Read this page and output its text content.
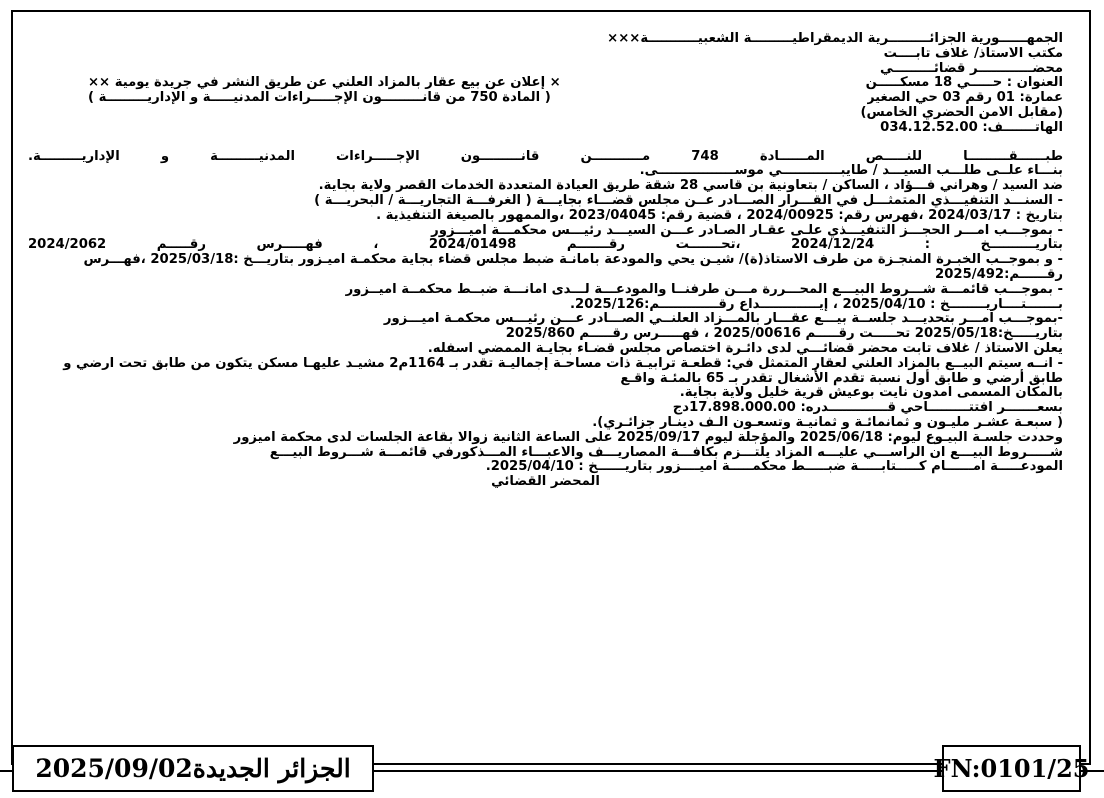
الجمهــــــورية الجزائـــــــــرية الديمقراطيـــــــــة الشعبيـــــــــــة×××
مكتب الأستاذ/ غلاف تابــــت
محضــــــــــــر قضائـــــــــي
العنوان : حـــــي 18 مسكـــــن
× إعلان عن بيع عقار بالمزاد العلني عن طريق النشر في جريدة يومية ××
عمارة: 01 رقم 03 حي الصغير
( المادة 750 من قانـــــــــون الإجـــــراءات المدنيـــــة و الإداريـــــــــة )
(مقابل الأمن الحضري الخامس)
الهاتـــــــف: 034.12.52.00
طبــــــقـــــــــا للنـــــص المــــــادة 748 مـــــــــــن قانـــــــــون الإجـــــراءات المدنيـــــــــة و الإداريـــــــــة.
بنـــاء علــى طلـــب السيـــد / طايبـــــــــــــي موســـــــــــــــــى.
ضد السيد / وهراني فـــؤاد ، الساكن / بتعاونية بن قاسي 28 شقة طريق العيادة المتعددة الخدمات القصر ولاية بجاية.
- السنـــد التنفيـــذي المتمثـــل في القـــرار الصـــادر عــن مجلس قضـــاء بجايـــة ( الغرفـــة التجاريـــة / البحريـــة )
بتاريخ : 2024/03/17 ،فهرس رقم: 2024/00925 ، قضية رقم: 2023/04045 ،والممهور بالصيغة التنفيذية .
- بموجـــب أمـــر الحجـــز التنفيـــذي علـى عقـار الصـادر عـــن السيـــد رئيـــس محكمـــة أميـــزور
بتاريــــــــــخ : 2024/12/24 ،تحـــــــت رقـــــــم 2024/01498 ، فهـــــرس رقـــــم 2024/2062
- و بموجــب الخبـرة المنجـزة من طرف الأستاذ(ة)/ شيـن يحي والمودعة بأمانـة ضبط مجلس قضاء بجاية محكمـة أميـزور بتاريـــخ :2025/03/18 ،فهـــرس رقــــــم:2025/492
- بموجـــب قائمـــة شـــروط البيـــع المحـــررة مـــن طرفنــا والمودعـــة لـــدى أمانـــة ضبــط محكمــة أميــزور
بـــــــتــــاريــــــــخ : 2025/04/10 ، إيـــــــــــــداع رقـــــــــــــم:2025/126.
-بموجـــب أمـــر بتحديـــد جلســة بيـــع عقـــار بالمـــزاد العلنــي الصـــادر عـــن رئيـــس محكمـة أميـــزور
بتاريـــــخ:2025/05/18 تحـــــت رقـــــم 2025/00616 ، فهـــــرس رقـــــم 2025/860
يعلن الأستاذ / غلاف تابت محضر قضائـــي لدى دائـرة اختصاص مجلس قضـاء بجايـة الممضي أسفله.
- أنــه سيتم البيــع بالمزاد العلني لعقار المتمثل في: قطعـة ترابيـة ذات مساحـة إجماليـة تقدر بـ 1164م2 مشيـد عليهـا مسكن يتكون من طابق تحت أرضي و طابق أرضي و طابق أول نسبة تقدم الأشغال تقدر بـ 65 بالمئـة واقـع
بالمكان المسمى أمدون نايت بوعيش قرية خليل ولاية بجاية.
بسعـــــــر افتتـــــــــاحي قـــــــــــــدره: 17.898.000.00دج
( سبعـة عشـر مليـون و ثمانمائـة و ثمانيـة وتسعـون ألـف دينـار جزائـري).
وحددت جلسـة البيـوع ليوم: 2025/06/18 والمؤجلة ليوم 2025/09/17 على الساعة الثانية زوالا بقاعة الجلسات لدى محكمة أميزور
شـــــروط البيـــع أن الراســـي عليـــه المزاد يلتـــزم بكافـــة المصاريـــف والأعبـــاء المـــذكورفي قائمـــة شـــروط البيـــع
المودعـــــة أمــــــام كـــــتابـــــة ضبـــــط محكمـــــة أميــــزور بتاريــــــخ : 2025/04/10.
المحضر القضائي
الجزائر الجديدة2025/09/02	FN:0101/25
